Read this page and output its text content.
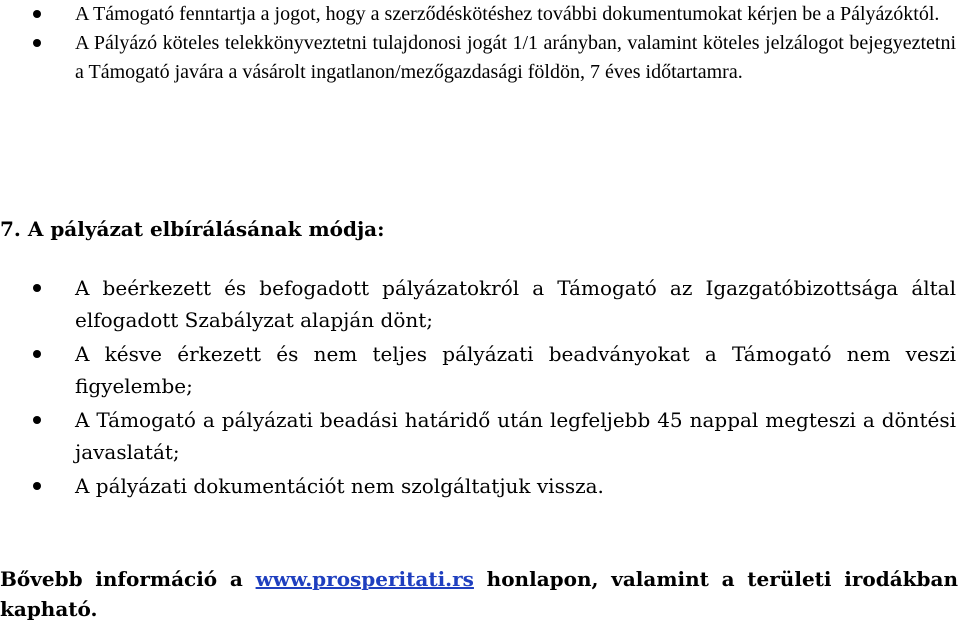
A Támogató fenntartja a jogot, hogy a szerződéskötéshez további dokumentumokat kérjen be a Pályázóktól.
A Pályázó köteles telekkönyveztetni tulajdonosi jogát 1/1 arányban, valamint köteles jelzálogot bejegyeztetni a Támogató javára a vásárolt ingatlanon/mezőgazdasági földön, 7 éves időtartamra.
7. A pályázat elbírálásának módja:
A beérkezett és befogadott pályázatokról a Támogató az Igazgatóbizottsága által elfogadott Szabályzat alapján dönt;
A késve érkezett és nem teljes pályázati beadványokat a Támogató nem veszi figyelembe;
A Támogató a pályázati beadási határidő után legfeljebb 45 nappal megteszi a döntési javaslatát;
A pályázati dokumentációt nem szolgáltatjuk vissza.
Bővebb információ a www.prosperitati.rs honlapon, valamint a területi irodákban kapható.
